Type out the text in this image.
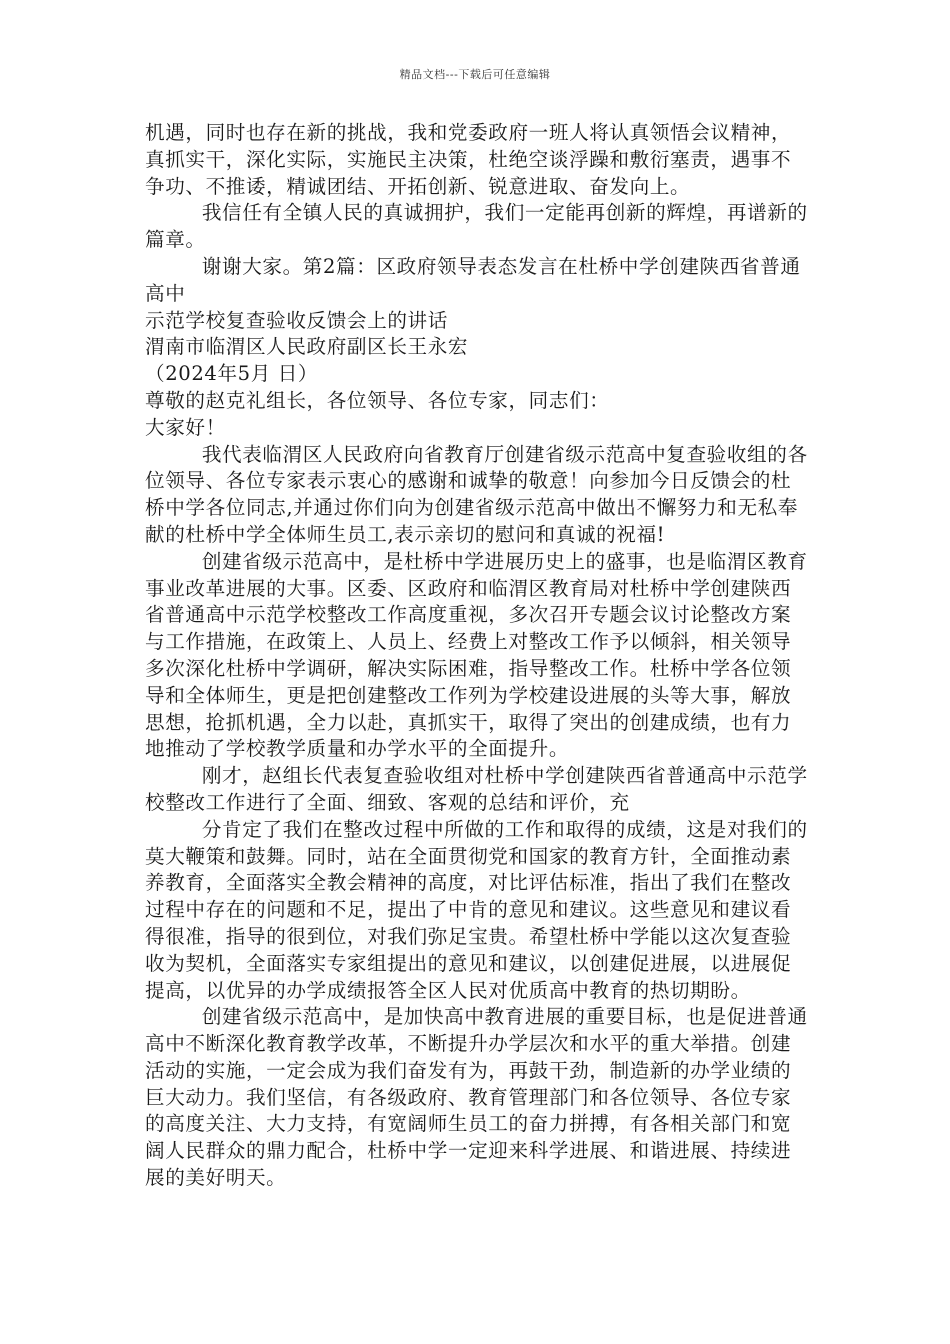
精品文档---下载后可任意编辑

机遇，同时也存在新的挑战，我和党委政府一班人将认真领悟会议精神，真抓实干，深化实际，实施民主决策，杜绝空谈浮躁和敷衍塞责，遇事不争功、不推诿，精诚团结、开拓创新、锐意进取、奋发向上。

我信任有全镇人民的真诚拥护，我们一定能再创新的辉煌，再谱新的篇章。

谢谢大家。第2篇：区政府领导表态发言在杜桥中学创建陕西省普通高中

示范学校复查验收反馈会上的讲话

渭南市临渭区人民政府副区长王永宏

（2024年5月 日）

尊敬的赵克礼组长，各位领导、各位专家，同志们：

大家好！

我代表临渭区人民政府向省教育厅创建省级示范高中复查验收组的各位领导、各位专家表示衷心的感谢和诚挚的敬意！向参加今日反馈会的杜桥中学各位同志,并通过你们向为创建省级示范高中做出不懈努力和无私奉献的杜桥中学全体师生员工,表示亲切的慰问和真诚的祝福!

创建省级示范高中，是杜桥中学进展历史上的盛事，也是临渭区教育事业改革进展的大事。区委、区政府和临渭区教育局对杜桥中学创建陕西省普通高中示范学校整改工作高度重视，多次召开专题会议讨论整改方案与工作措施，在政策上、人员上、经费上对整改工作予以倾斜，相关领导多次深化杜桥中学调研，解决实际困难，指导整改工作。杜桥中学各位领导和全体师生，更是把创建整改工作列为学校建设进展的头等大事，解放思想，抢抓机遇，全力以赴，真抓实干，取得了突出的创建成绩，也有力地推动了学校教学质量和办学水平的全面提升。

刚才，赵组长代表复查验收组对杜桥中学创建陕西省普通高中示范学校整改工作进行了全面、细致、客观的总结和评价，充

分肯定了我们在整改过程中所做的工作和取得的成绩，这是对我们的莫大鞭策和鼓舞。同时，站在全面贯彻党和国家的教育方针，全面推动素养教育，全面落实全教会精神的高度，对比评估标准，指出了我们在整改过程中存在的问题和不足，提出了中肯的意见和建议。这些意见和建议看得很准，指导的很到位，对我们弥足宝贵。希望杜桥中学能以这次复查验收为契机，全面落实专家组提出的意见和建议，以创建促进展，以进展促提高，以优异的办学成绩报答全区人民对优质高中教育的热切期盼。

创建省级示范高中，是加快高中教育进展的重要目标，也是促进普通高中不断深化教育教学改革，不断提升办学层次和水平的重大举措。创建活动的实施，一定会成为我们奋发有为，再鼓干劲，制造新的办学业绩的巨大动力。我们坚信，有各级政府、教育管理部门和各位领导、各位专家的高度关注、大力支持，有宽阔师生员工的奋力拼搏，有各相关部门和宽阔人民群众的鼎力配合，杜桥中学一定迎来科学进展、和谐进展、持续进展的美好明天。
